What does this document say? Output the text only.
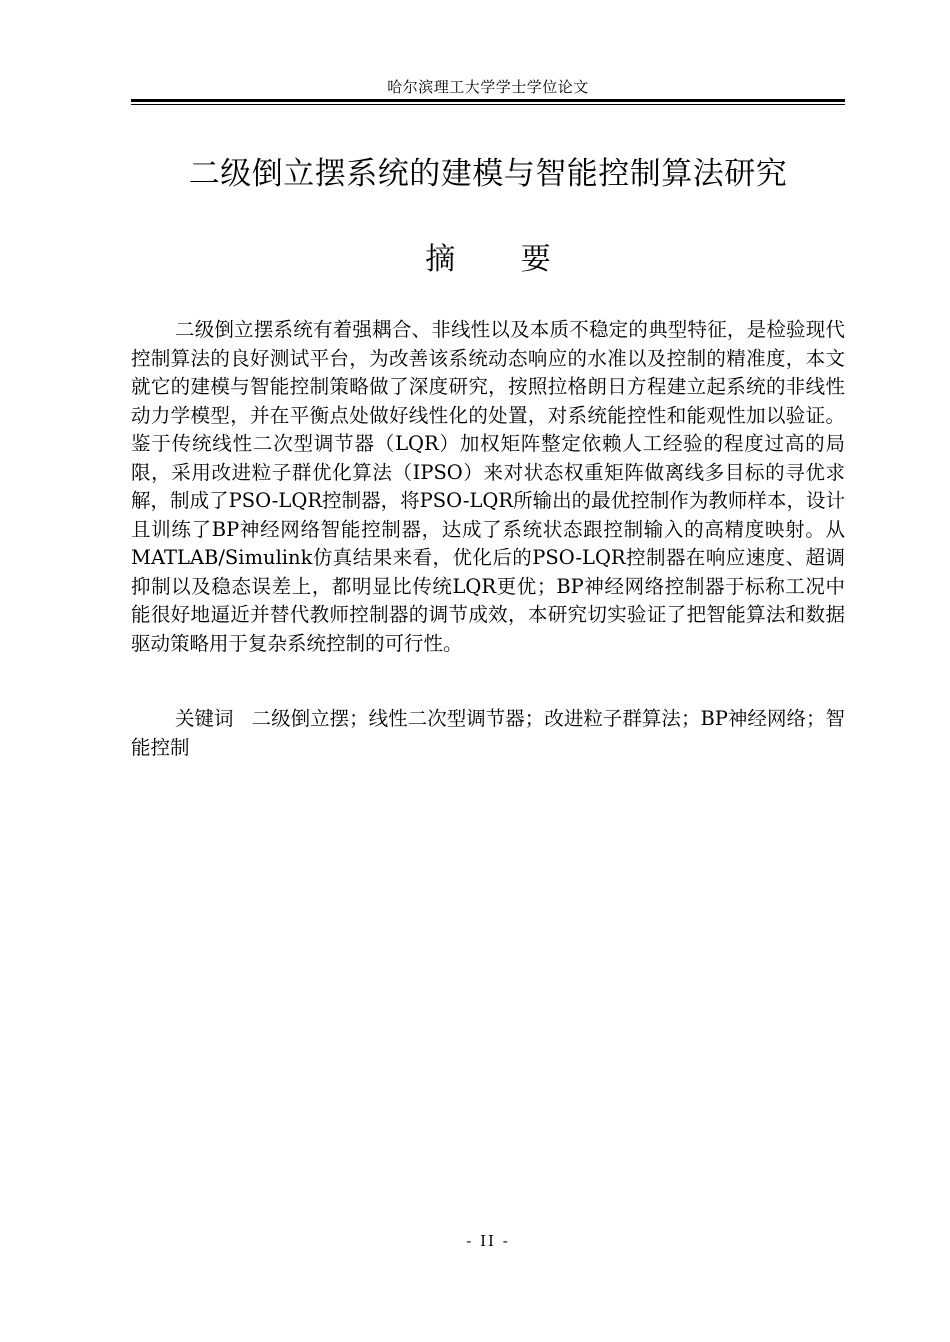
哈尔滨理工大学学士学位论文
二级倒立摆系统的建模与智能控制算法研究
摘 要

二级倒立摆系统有着强耦合、非线性以及本质不稳定的典型特征，是检验现代控制算法的良好测试平台，为改善该系统动态响应的水准以及控制的精准度，本文就它的建模与智能控制策略做了深度研究，按照拉格朗日方程建立起系统的非线性动力学模型，并在平衡点处做好线性化的处置，对系统能控性和能观性加以验证。鉴于传统线性二次型调节器（LQR）加权矩阵整定依赖人工经验的程度过高的局限，采用改进粒子群优化算法（IPSO）来对状态权重矩阵做离线多目标的寻优求解，制成了PSO-LQR控制器，将PSO-LQR所输出的最优控制作为教师样本，设计且训练了BP神经网络智能控制器，达成了系统状态跟控制输入的高精度映射。从MATLAB/Simulink仿真结果来看，优化后的PSO-LQR控制器在响应速度、超调抑制以及稳态误差上，都明显比传统LQR更优；BP神经网络控制器于标称工况中能很好地逼近并替代教师控制器的调节成效，本研究切实验证了把智能算法和数据驱动策略用于复杂系统控制的可行性。

关键词 二级倒立摆；线性二次型调节器；改进粒子群算法；BP神经网络；智能控制

- II -
